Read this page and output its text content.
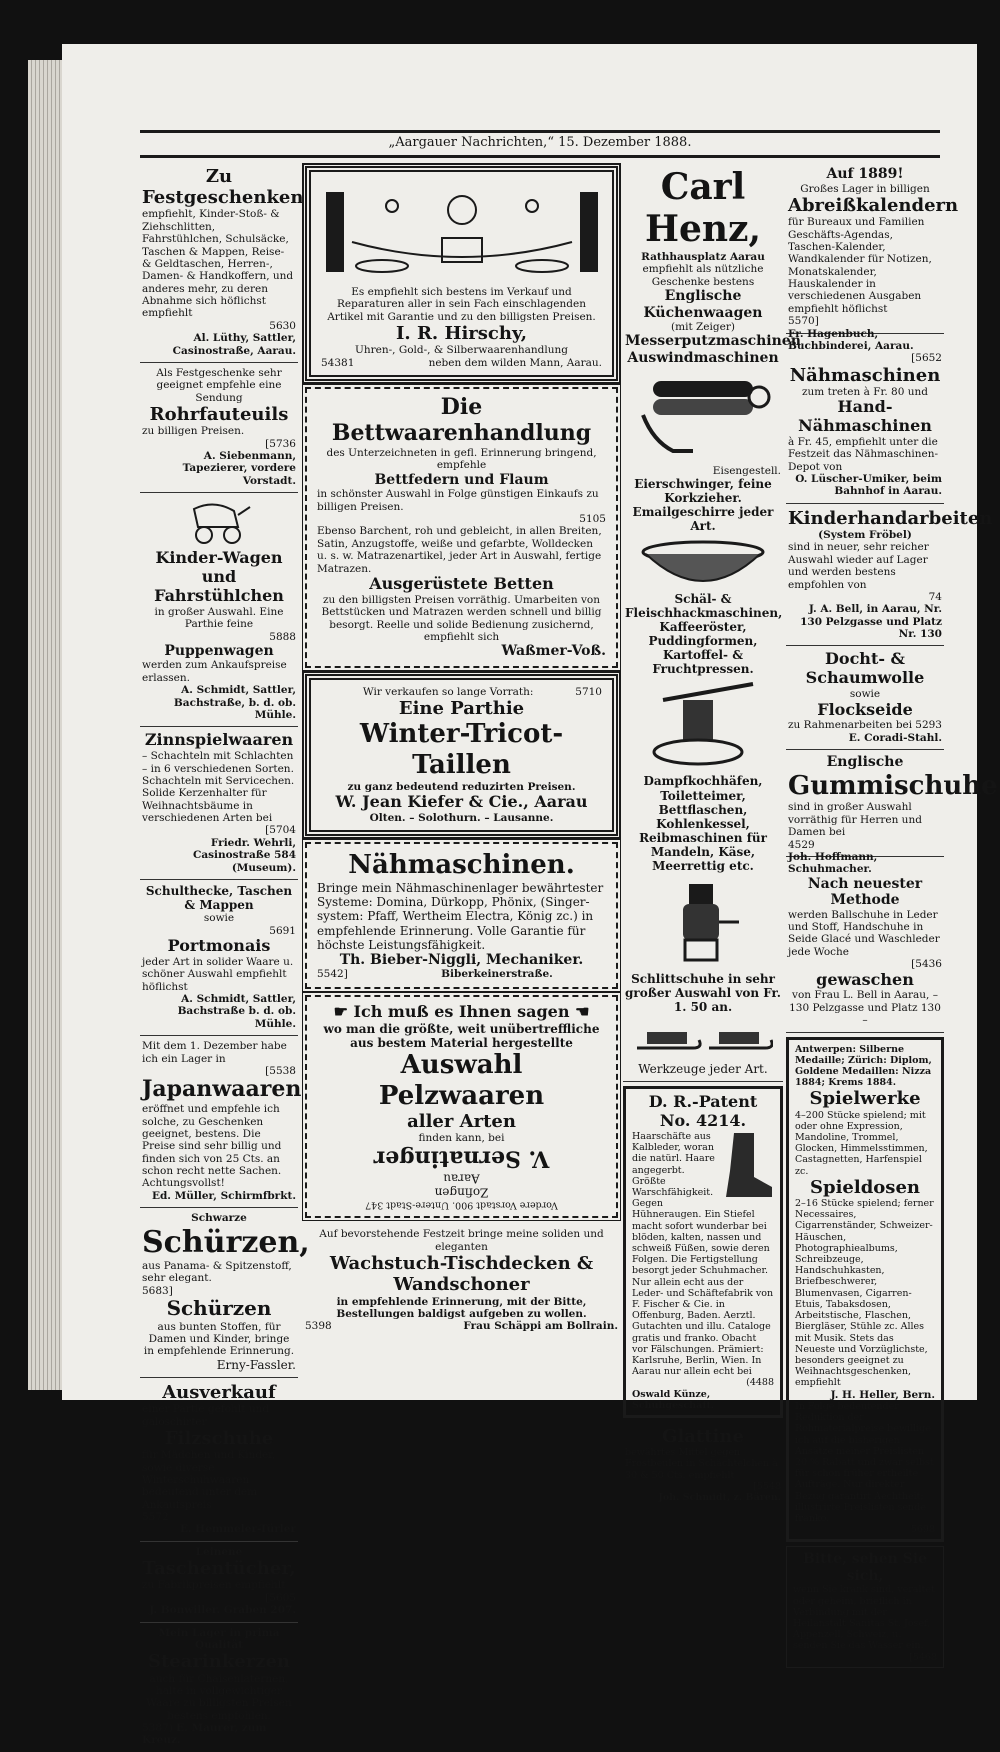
„Aargauer Nachrichten,“ 15. Dezember 1888.
Zu Festgeschenken
empfiehlt, Kinder-Stoß- & Ziehschlitten, Fahrstühlchen, Schulsäcke, Taschen & Mappen, Reise- & Geldtaschen, Herren-, Damen- & Handkoffern, und anderes mehr, zu deren Abnahme sich höflichst empfiehlt
5630
Al. Lüthy, Sattler, Casinostraße, Aarau.
Als Festgeschenke sehr geeignet empfehle eine Sendung
Rohrfauteuils
zu billigen Preisen.
[5736
A. Siebenmann, Tapezierer, vordere Vorstadt.
Kinder-Wagen und Fahrstühlchen
in großer Auswahl. Eine Parthie feine
5888
Puppenwagen
werden zum Ankaufspreise erlassen.
A. Schmidt, Sattler, Bachstraße, b. d. ob. Mühle.
Zinnspielwaaren
– Schachteln mit Schlachten – in 6 verschiedenen Sorten. Schachteln mit Servicechen. Solide Kerzenhalter für Weihnachtsbäume in verschiedenen Arten bei
[5704
Friedr. Wehrli, Casinostraße 584 (Museum).
Schulthecke, Taschen & Mappen
sowie
5691
Portmonais
jeder Art in solider Waare u. schöner Auswahl empfiehlt höflichst
A. Schmidt, Sattler, Bachstraße b. d. ob. Mühle.
Mit dem 1. Dezember habe ich ein Lager in
[5538
Japanwaaren
eröffnet und empfehle ich solche, zu Geschenken geeignet, bestens. Die Preise sind sehr billig und finden sich von 25 Cts. an schon recht nette Sachen. Achtungsvollst!
Ed. Müller, Schirmfbrkt.
Schwarze
Schürzen,
aus Panama- & Spitzenstoff, sehr elegant.
5683]
Schürzen
aus bunten Stoffen, für Damen und Kinder, bringe in empfehlende Erinnerung.
Erny-Fassler.
Ausverkauf
einer Partie gefohlt und galoschirter
Filzschuhe
für Mädchen und Kinder, sowie diverse Winterschuhwaaren bedeutend unter dem Ankaufspreis
5572
E. Hemmeler-Türler
Leinene
Taschentücher,
zu Fabrikpreisen empfiehlt
[5605
J. Bonwiller. Graben 207.
Mein Lager in prima Qualität
Stearinkerzen
auch für Chaisenlaternen, halte in vollgewichtiger Waare zu billigsten Preisen bestens empfohlen.
5387) E. Maurer, zum Kreuz.
Es empfiehlt sich bestens im Verkauf und Reparaturen aller in sein Fach einschlagenden Artikel mit Garantie und zu den billigsten Preisen.
I. R. Hirschy,
Uhren-, Gold-, & Silberwaarenhandlung
54381	neben dem wilden Mann, Aarau.
Die Bettwaarenhandlung
des Unterzeichneten in gefl. Erinnerung bringend, empfehle
Bettfedern und Flaum
in schönster Auswahl in Folge günstigen Einkaufs zu billigen Preisen.
5105
Ebenso Barchent, roh und gebleicht, in allen Breiten, Satin, Anzugstoffe, weiße und gefarbte, Wolldecken u. s. w. Matrazenartikel, jeder Art in Auswahl, fertige Matrazen.
Ausgerüstete Betten
zu den billigsten Preisen vorräthig. Umarbeiten von Bettstücken und Matrazen werden schnell und billig besorgt. Reelle und solide Bedienung zusichernd, empfiehlt sich
Waßmer-Voß.
Wir verkaufen so lange Vorrath:	5710
Eine Parthie
Winter-Tricot-Taillen
zu ganz bedeutend reduzirten Preisen.
W. Jean Kiefer & Cie., Aarau
Olten. – Solothurn. – Lausanne.
Nähmaschinen.
Bringe mein Nähmaschinenlager bewährtester Systeme: Domina, Dürkopp, Phönix, (Singer-system: Pfaff, Wertheim Electra, König zc.) in empfehlende Erinnerung. Volle Garantie für höchste Leistungsfähigkeit.
Th. Bieber-Niggli, Mechaniker.
5542]	Biberkeinerstraße.
☛ Ich muß es Ihnen sagen ☚
wo man die größte, weit unübertreffliche aus bestem Material hergestellte
Auswahl Pelzwaaren
aller Arten
finden kann, bei
Vordere Vorstadt 900. Untere-Stadt 347
Zofingen
Aarau
V. Sernatinger
Auf bevorstehende Festzeit bringe meine soliden und eleganten
Wachstuch-Tischdecken & Wandschoner
in empfehlende Erinnerung, mit der Bitte, Bestellungen baldigst aufgeben zu wollen.
5398	Frau Schäppi am Bollrain.
Carl Henz,
Rathhausplatz Aarau
empfiehlt als nützliche Geschenke bestens
Englische Küchenwaagen
(mit Zeiger)
Messerputzmaschinen
Auswindmaschinen
Eisengestell.
Eierschwinger, feine Korkzieher. Emailgeschirre jeder Art.
Schäl- & Fleischhackmaschinen, Kaffeeröster, Puddingformen, Kartoffel- & Fruchtpressen.
Dampfkochhäfen, Toiletteimer, Bettflaschen, Kohlenkessel, Reibmaschinen für Mandeln, Käse, Meerrettig etc.
Schlittschuhe in sehr großer Auswahl von Fr. 1. 50 an.
Werkzeuge jeder Art.
D. R.-Patent No. 4214.
Haarschäfte aus Kalbleder, woran die natürl. Haare angegerbt. Größte Warschfähigkeit. Gegen Hühneraugen. Ein Stiefel macht sofort wunderbar bei blöden, kalten, nassen und schweiß Füßen, sowie deren Folgen. Die Fertigstellung besorgt jeder Schuhmacher. Nur allein echt aus der Leder- und Schäftefabrik von F. Fischer & Cie. in Offenburg, Baden. Aerztl. Gutachten und illu. Cataloge gratis und franko. Obacht vor Fälschungen. Prämiert: Karlsruhe, Berlin, Wien. In Aarau nur allein echt bei
(4488
Oswald Künze, Schuhgeschäft.
Glattine
bewährtes Mittel gegen Frostbeulen in Schächtelchen à 30 & 50 Cts. empfiehlt
[5548
Joh. Schmidt, z. Bären.
Auf 1889!
Großes Lager in billigen
Abreißkalendern
für Bureaux und Familien Geschäfts-Agendas, Taschen-Kalender, Wandkalender für Notizen, Monatskalender, Hauskalender in verschiedenen Ausgaben empfiehlt höflichst
5570]
Fr. Hagenbuch, Buchbinderei, Aarau.
[5652
Nähmaschinen
zum treten à Fr. 80 und
Hand-Nähmaschinen
à Fr. 45, empfiehlt unter die Festzeit das Nähmaschinen-Depot von
O. Lüscher-Umiker, beim Bahnhof in Aarau.
Kinderhandarbeiten
(System Fröbel)
sind in neuer, sehr reicher Auswahl wieder auf Lager und werden bestens empfohlen von
74
J. A. Bell, in Aarau, Nr. 130 Pelzgasse und Platz Nr. 130
Docht- & Schaumwolle
sowie
Flockseide
zu Rahmenarbeiten bei 5293
E. Coradi-Stahl.
Englische
Gummischuhe
sind in großer Auswahl vorräthig für Herren und Damen bei
4529
Joh. Hoffmann, Schuhmacher.
Nach neuester Methode
werden Ballschuhe in Leder und Stoff, Handschuhe in Seide Glacé und Waschleder jede Woche
[5436
gewaschen
von Frau L. Bell in Aarau, – 130 Pelzgasse und Platz 130 –
Antwerpen: Silberne Medaille; Zürich: Diplom, Goldene Medaillen: Nizza 1884; Krems 1884.
Spielwerke
4–200 Stücke spielend; mit oder ohne Expression, Mandoline, Trommel, Glocken, Himmelsstimmen, Castagnetten, Harfenspiel zc.
Spieldosen
2–16 Stücke spielend; ferner Necessaires, Cigarrenständer, Schweizer-Häuschen, Photographiealbums, Schreibzeuge, Handschuhkasten, Briefbeschwerer, Blumenvasen, Cigarren-Etuis, Tabaksdosen, Arbeitstische, Flaschen, Biergläser, Stühle zc. Alles mit Musik. Stets das Neueste und Vorzüglichste, besonders geeignet zu Weihnachtsgeschenken, empfiehlt
J. H. Heller, Bern.
In Folge bedeutender Reduktion der Rohmaterialpreise bewillige ich auf die bisherigen Ansätze meiner Preislisten 20 % Rabatt und zwar selbst für schon früher ertheilte Aufträge. Nur direkter Bezug garantirt Aechtheit; illustrirte Preislisten sende franko.
5698
Bitte, sehen Sie sich,
wenn Sie krank sind, veraltet oder geheim, brieflich in Verbindung mit der Heilanstalt Sanitas St. Josef, Appenzell, Schweiz, u. senden Sie das Wasser ein.
[5468
